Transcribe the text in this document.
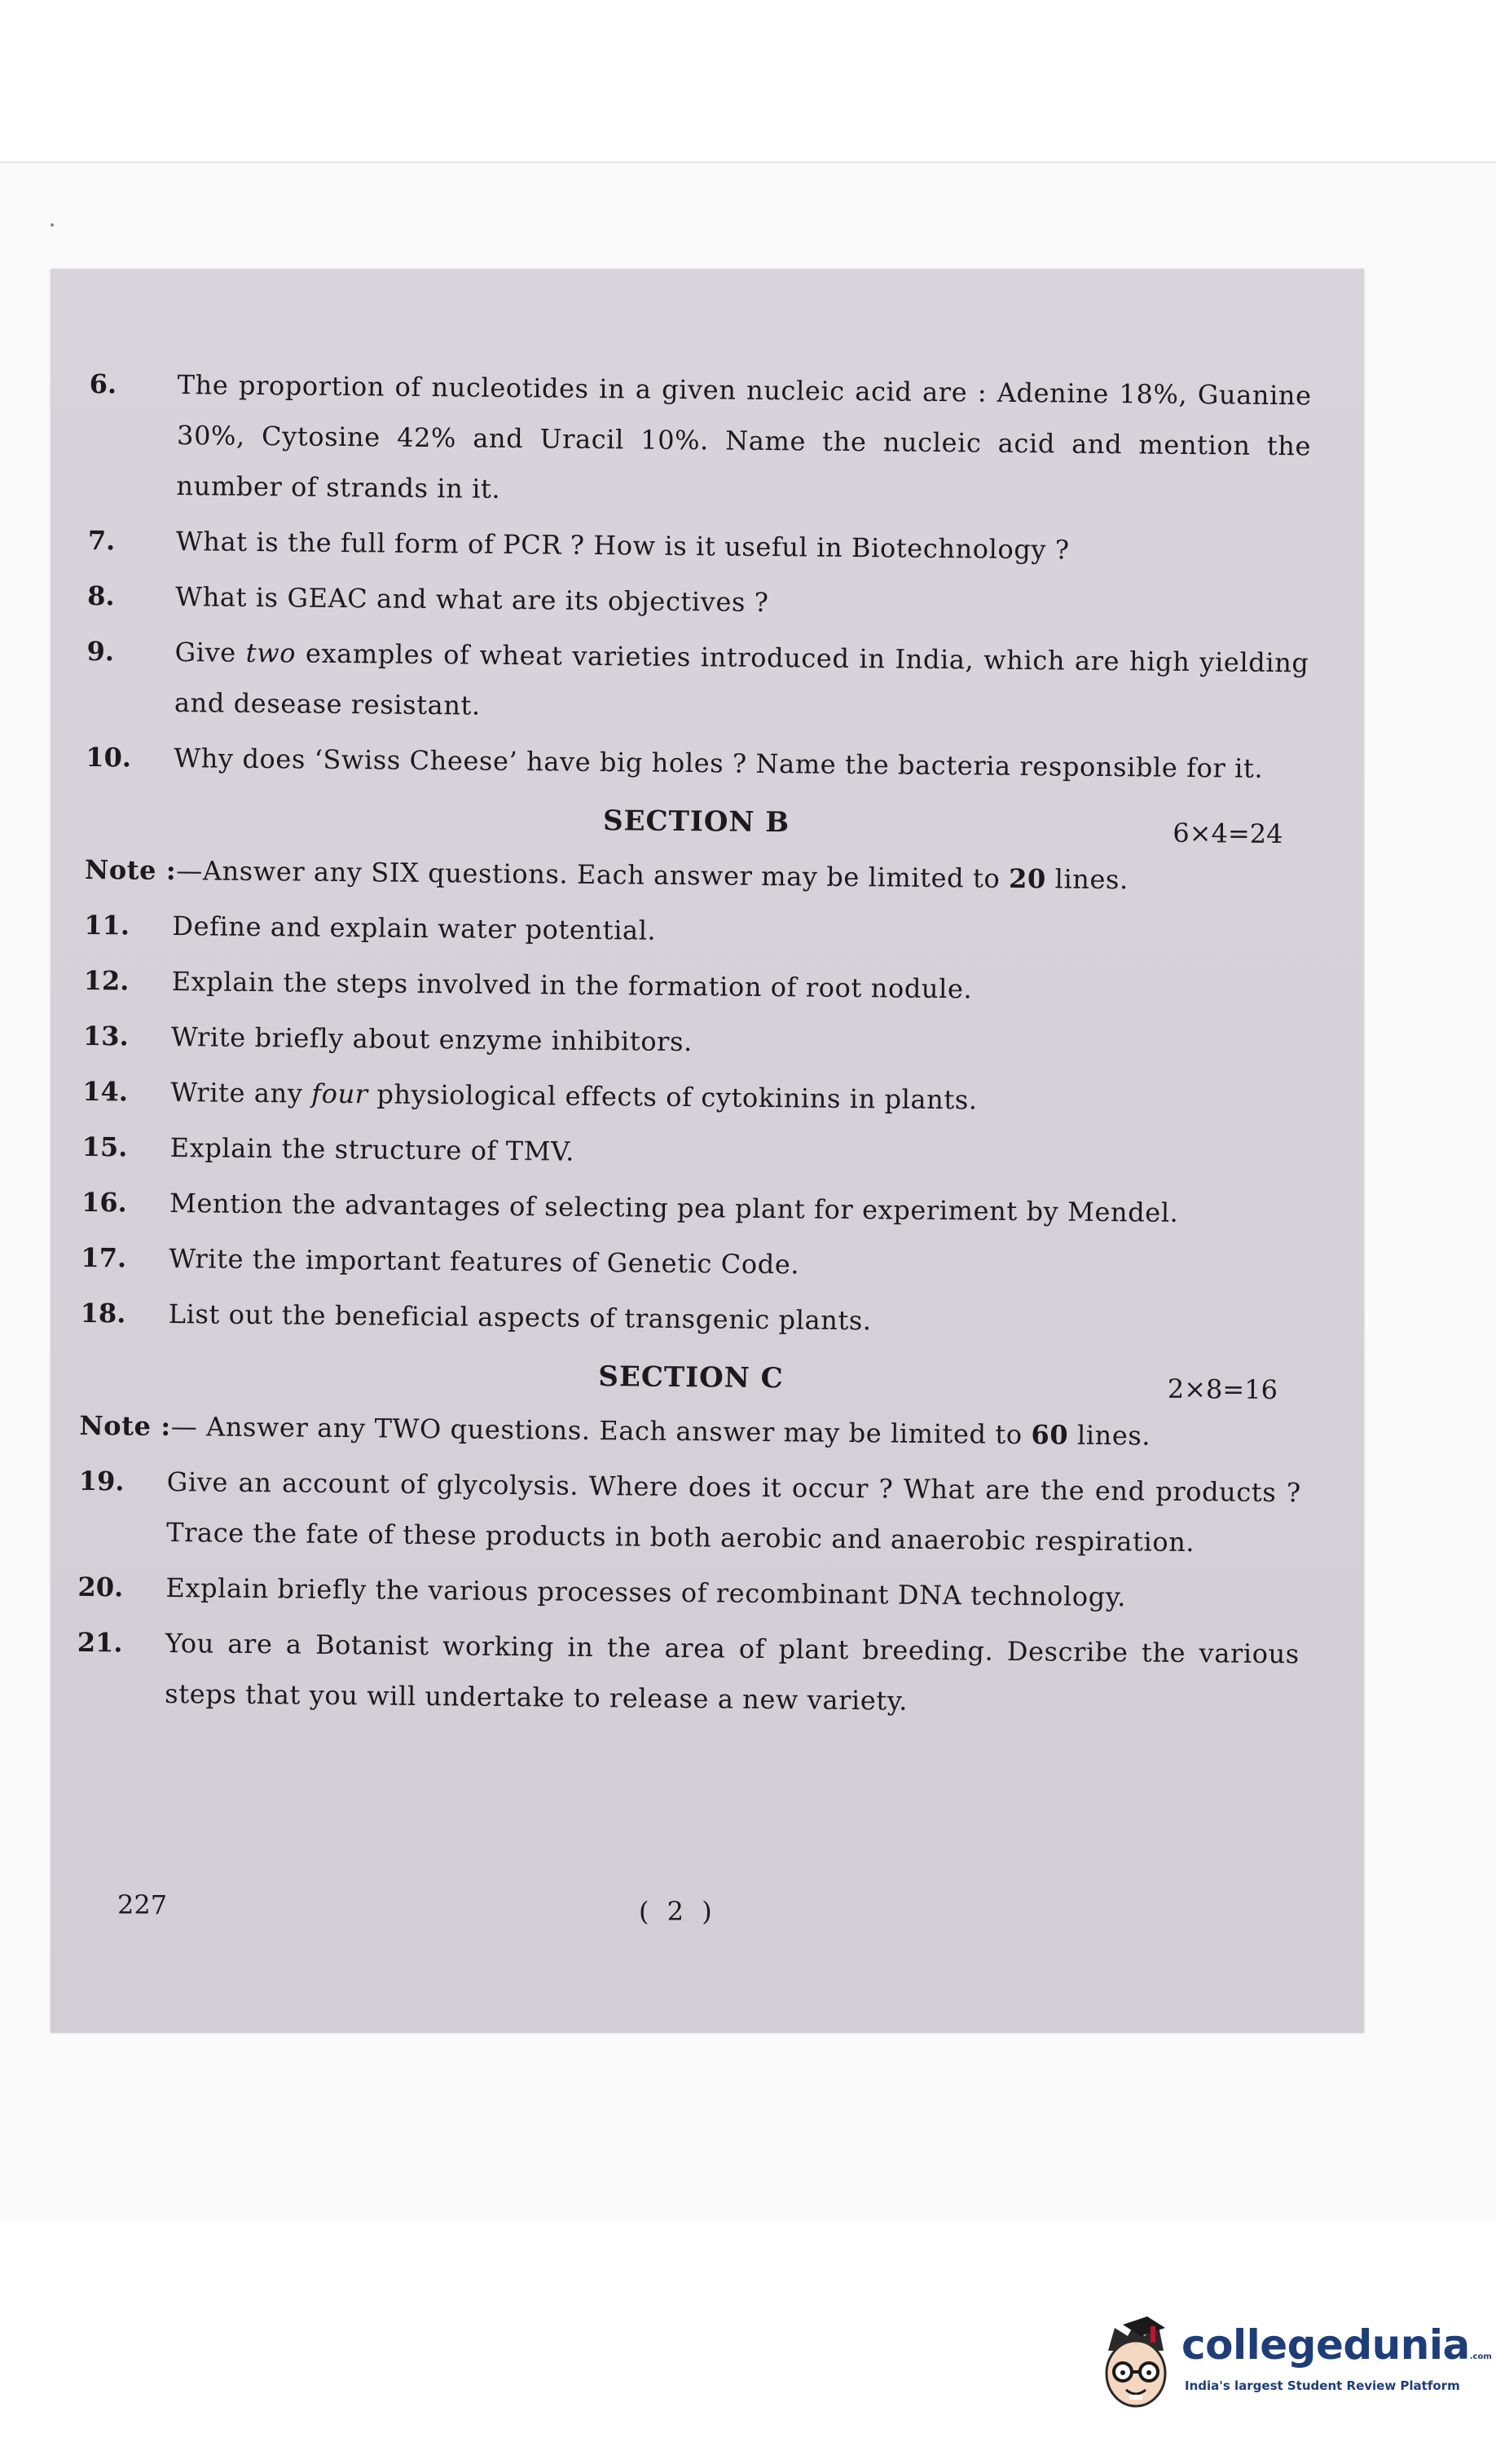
6.	The proportion of nucleotides in a given nucleic acid are : Adenine 18%, Guanine 30%, Cytosine 42% and Uracil 10%. Name the nucleic acid and mention the number of strands in it.
7.	What is the full form of PCR ? How is it useful in Biotechnology ?
8.	What is GEAC and what are its objectives ?
9.	Give two examples of wheat varieties introduced in India, which are high yielding and desease resistant.
10.	Why does ‘Swiss Cheese’ have big holes ? Name the bacteria responsible for it.
SECTION B	6×4=24
Note :—Answer any SIX questions. Each answer may be limited to 20 lines.
11.	Define and explain water potential.
12.	Explain the steps involved in the formation of root nodule.
13.	Write briefly about enzyme inhibitors.
14.	Write any four physiological effects of cytokinins in plants.
15.	Explain the structure of TMV.
16.	Mention the advantages of selecting pea plant for experiment by Mendel.
17.	Write the important features of Genetic Code.
18.	List out the beneficial aspects of transgenic plants.
SECTION C	2×8=16
Note :— Answer any TWO questions. Each answer may be limited to 60 lines.
19.	Give an account of glycolysis. Where does it occur ? What are the end products ? Trace the fate of these products in both aerobic and anaerobic respiration.
20.	Explain briefly the various processes of recombinant DNA technology.
21.	You are a Botanist working in the area of plant breeding. Describe the various steps that you will undertake to release a new variety.
227	( 2 )
collegedunia.com
India's largest Student Review Platform
